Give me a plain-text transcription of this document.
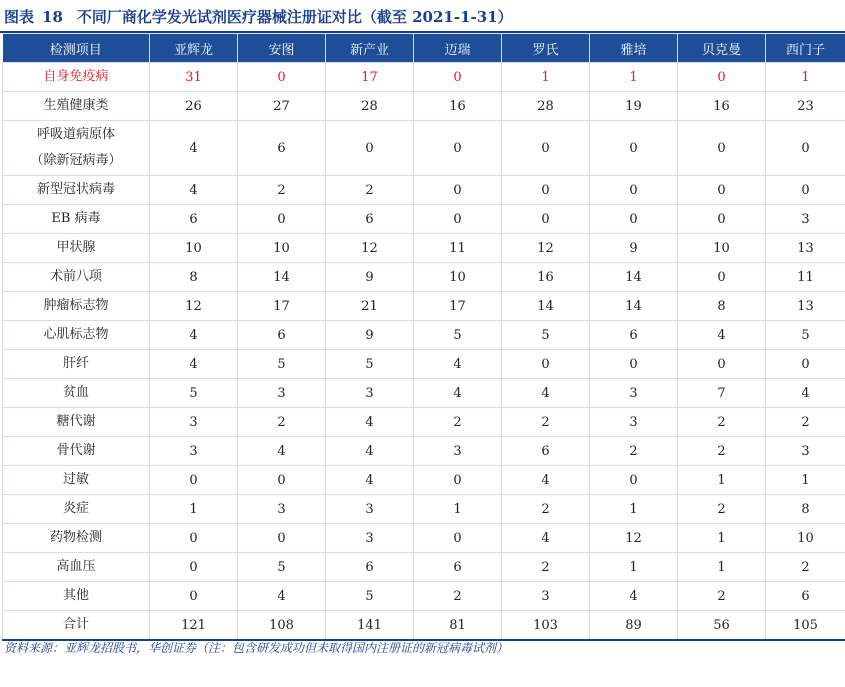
图表 18 不同厂商化学发光试剂医疗器械注册证对比（截至 2021-1-31）
检测项目	亚辉龙	安图	新产业	迈瑞	罗氏	雅培	贝克曼	西门子

自身免疫病	31	0	17	0	1	1	0	1

生殖健康类	26	27	28	16	28	19	16	23

呼吸道病原体
（除新冠病毒）	4	6	0	0	0	0	0	0

新型冠状病毒	4	2	2	0	0	0	0	0

EB 病毒	6	0	6	0	0	0	0	3

甲状腺	10	10	12	11	12	9	10	13

术前八项	8	14	9	10	16	14	0	11

肿瘤标志物	12	17	21	17	14	14	8	13

心肌标志物	4	6	9	5	5	6	4	5

肝纤	4	5	5	4	0	0	0	0

贫血	5	3	3	4	4	3	7	4

糖代谢	3	2	4	2	2	3	2	2

骨代谢	3	4	4	3	6	2	2	3

过敏	0	0	4	0	4	0	1	1

炎症	1	3	3	1	2	1	2	8

药物检测	0	0	3	0	4	12	1	10

高血压	0	5	6	6	2	1	1	2

其他	0	4	5	2	3	4	2	6

合计	121	108	141	81	103	89	56	105
资料来源：亚辉龙招股书，华创证券（注：包含研发成功但未取得国内注册证的新冠病毒试剂）
